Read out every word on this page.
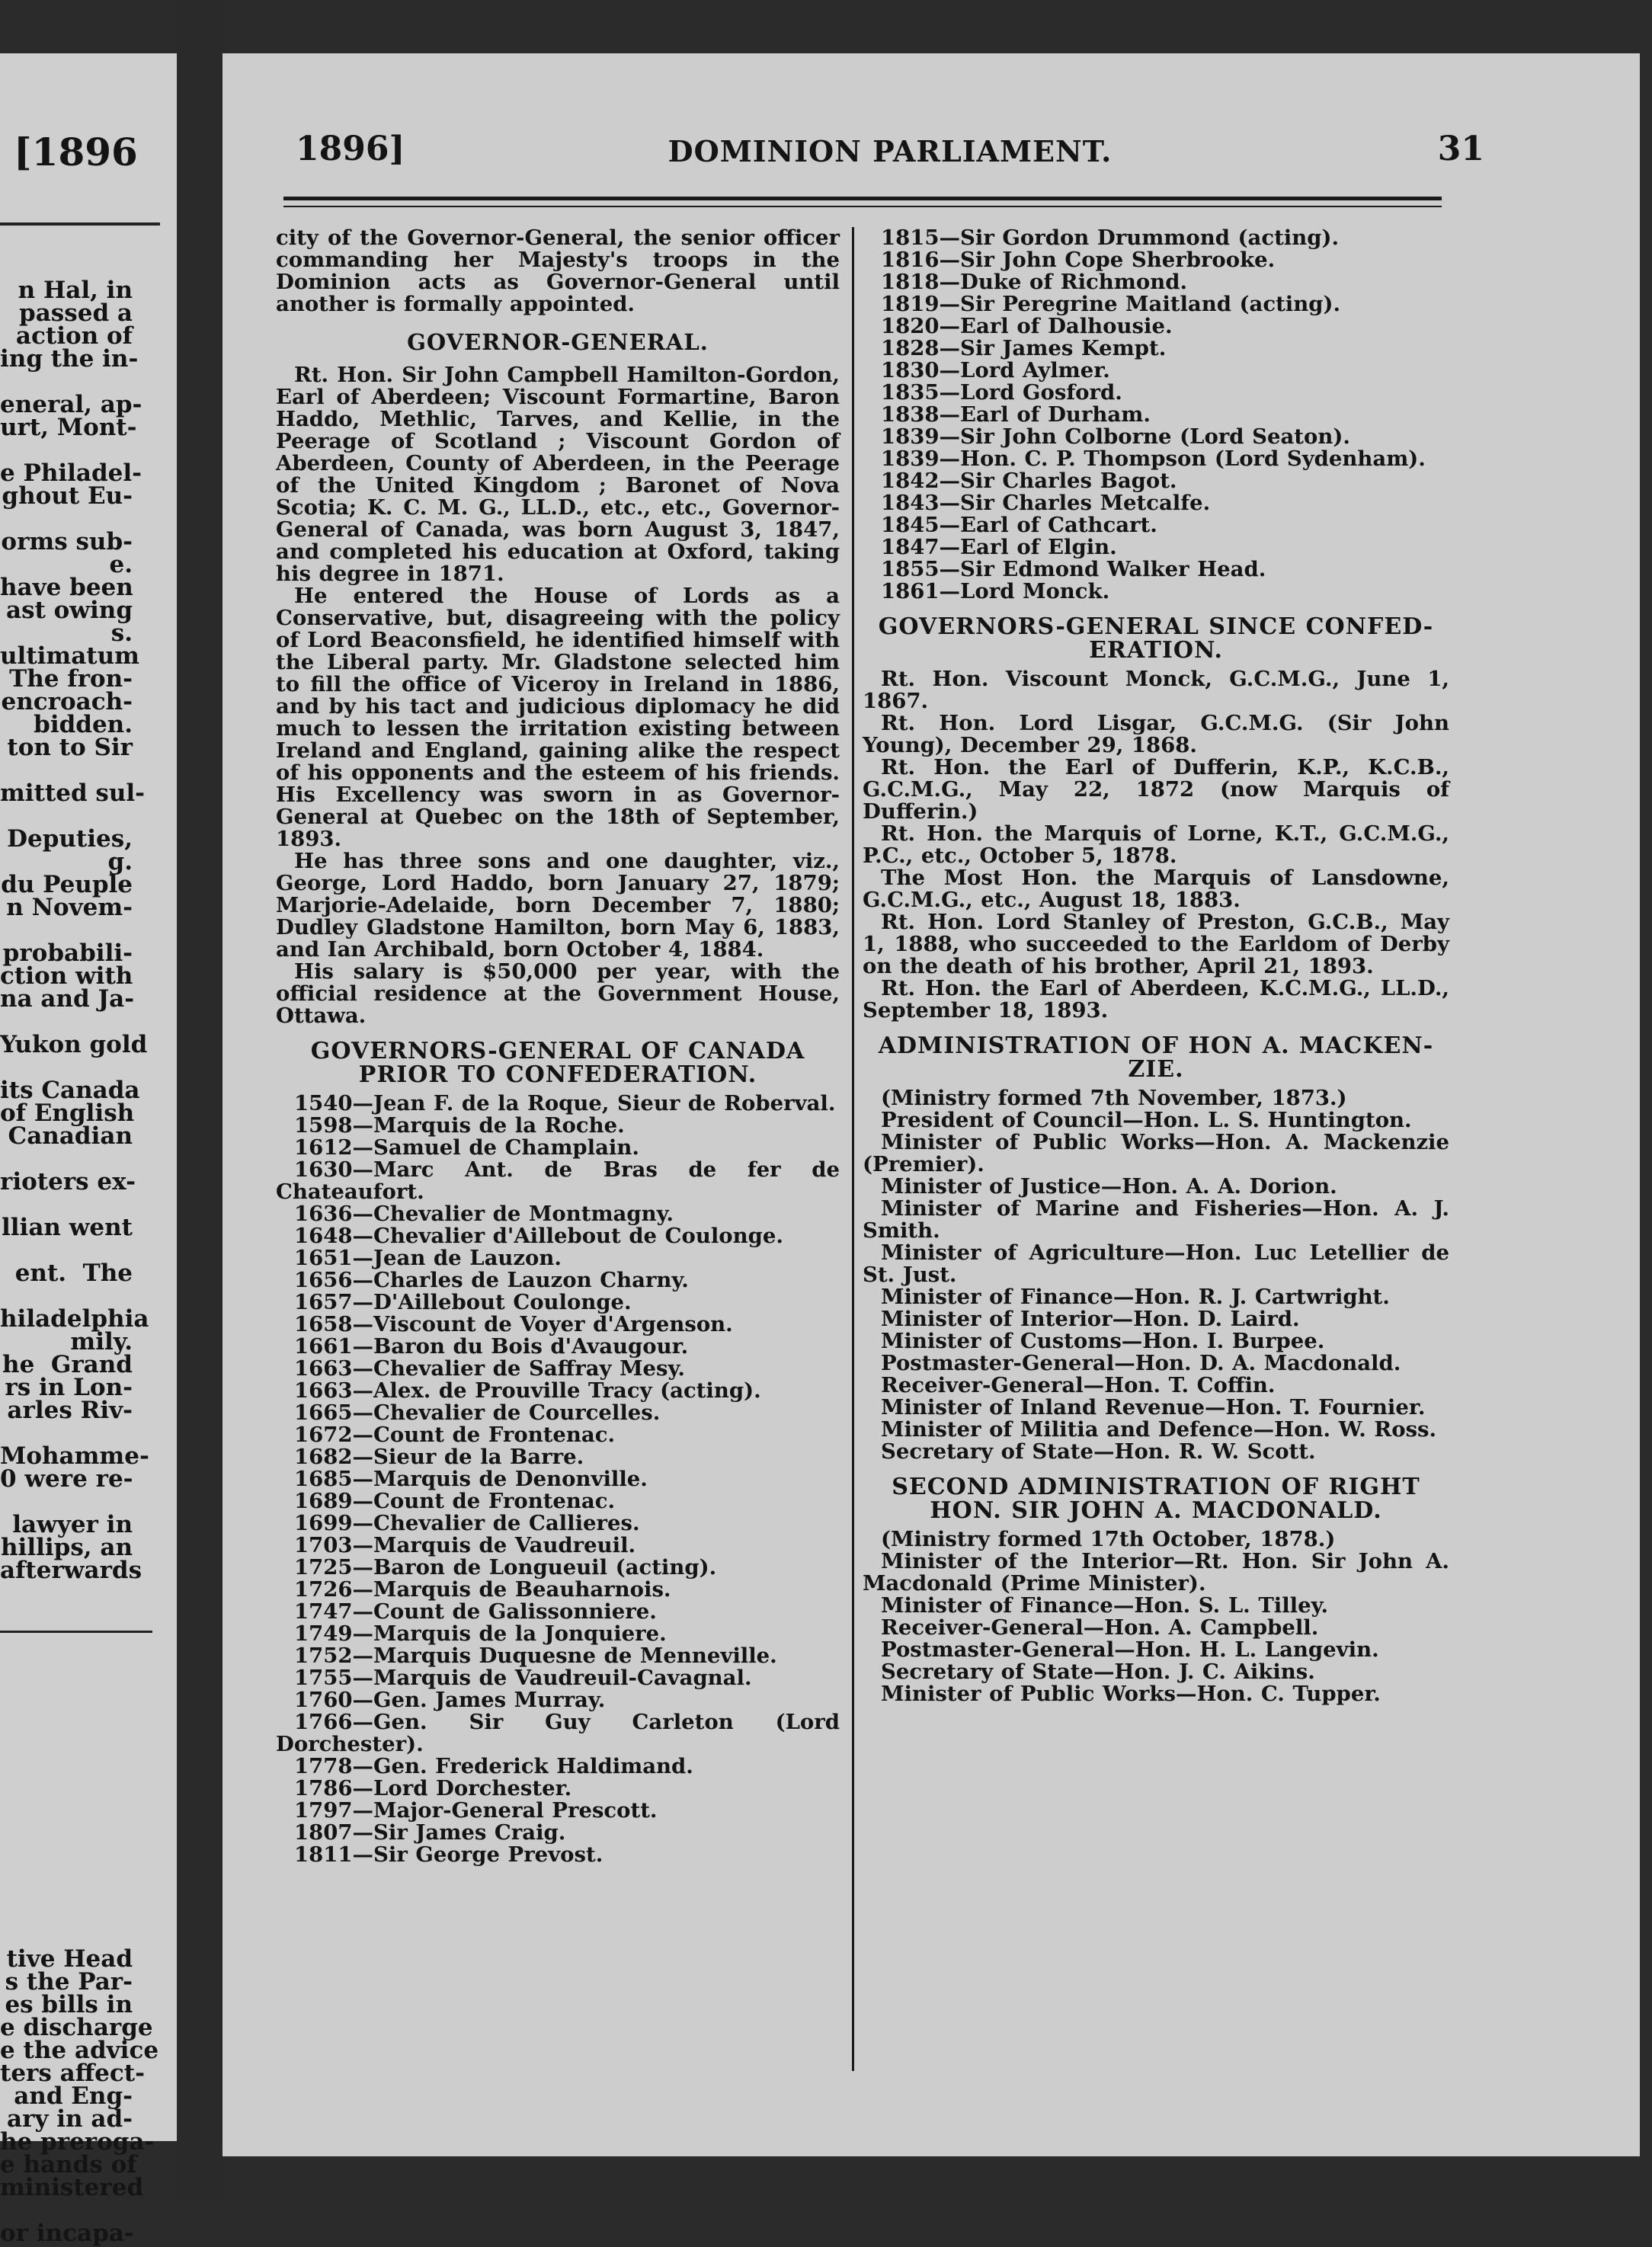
[1896
n Hal, in
passed a
action of
ing the in-

eneral, ap-
urt, Mont-

e Philadel-
ghout Eu-

orms sub-
e.
have been
ast owing
s.
ultimatum
The fron-
encroach-
bidden.
ton to Sir

mitted sul-

Deputies,
g.
du Peuple
n Novem-

probabili-
ction with
na and Ja-

Yukon gold

its Canada
of English
Canadian

rioters ex-

llian went

ent.  The

hiladelphia
mily.
he  Grand
rs in Lon-
arles Riv-

Mohamme-
0 were re-

lawyer in
hillips, an
afterwards

tive Head
s the Par-
es bills in
e discharge
e the advice
ters affect-
and Eng-
ary in ad-
he preroga-
e hands of
ministered

or incapa-
1896]	DOMINION PARLIAMENT.	31

city of the Governor-General, the senior officer commanding her Majesty's troops in the Dominion acts as Governor-General until another is formally appointed.

GOVERNOR-GENERAL.

Rt. Hon. Sir John Campbell Hamilton-Gordon, Earl of Aberdeen; Viscount Formartine, Baron Haddo, Methlic, Tarves, and Kellie, in the Peerage of Scotland ; Viscount Gordon of Aberdeen, County of Aberdeen, in the Peerage of the United Kingdom ; Baronet of Nova Scotia; K. C. M. G., LL.D., etc., etc., Governor-General of Canada, was born August 3, 1847, and completed his education at Oxford, taking his degree in 1871.

He entered the House of Lords as a Conservative, but, disagreeing with the policy of Lord Beaconsfield, he identified himself with the Liberal party. Mr. Gladstone selected him to fill the office of Viceroy in Ireland in 1886, and by his tact and judicious diplomacy he did much to lessen the irritation existing between Ireland and England, gaining alike the respect of his opponents and the esteem of his friends. His Excellency was sworn in as Governor-General at Quebec on the 18th of September, 1893.

He has three sons and one daughter, viz., George, Lord Haddo, born January 27, 1879; Marjorie-Adelaide, born December 7, 1880; Dudley Gladstone Hamilton, born May 6, 1883, and Ian Archibald, born October 4, 1884.

His salary is $50,000 per year, with the official residence at the Government House, Ottawa.

GOVERNORS-GENERAL OF CANADA
PRIOR TO CONFEDERATION.
1540—Jean F. de la Roque, Sieur de Roberval.
1598—Marquis de la Roche.
1612—Samuel de Champlain.
1630—Marc Ant. de Bras de fer de Chateaufort.
1636—Chevalier de Montmagny.
1648—Chevalier d'Aillebout de Coulonge.
1651—Jean de Lauzon.
1656—Charles de Lauzon Charny.
1657—D'Aillebout Coulonge.
1658—Viscount de Voyer d'Argenson.
1661—Baron du Bois d'Avaugour.
1663—Chevalier de Saffray Mesy.
1663—Alex. de Prouville Tracy (acting).
1665—Chevalier de Courcelles.
1672—Count de Frontenac.
1682—Sieur de la Barre.
1685—Marquis de Denonville.
1689—Count de Frontenac.
1699—Chevalier de Callieres.
1703—Marquis de Vaudreuil.
1725—Baron de Longueuil (acting).
1726—Marquis de Beauharnois.
1747—Count de Galissonniere.
1749—Marquis de la Jonquiere.
1752—Marquis Duquesne de Menneville.
1755—Marquis de Vaudreuil-Cavagnal.
1760—Gen. James Murray.
1766—Gen. Sir Guy Carleton (Lord Dorchester).
1778—Gen. Frederick Haldimand.
1786—Lord Dorchester.
1797—Major-General Prescott.
1807—Sir James Craig.
1811—Sir George Prevost.
1815—Sir Gordon Drummond (acting).
1816—Sir John Cope Sherbrooke.
1818—Duke of Richmond.
1819—Sir Peregrine Maitland (acting).
1820—Earl of Dalhousie.
1828—Sir James Kempt.
1830—Lord Aylmer.
1835—Lord Gosford.
1838—Earl of Durham.
1839—Sir John Colborne (Lord Seaton).
1839—Hon. C. P. Thompson (Lord Sydenham).
1842—Sir Charles Bagot.
1843—Sir Charles Metcalfe.
1845—Earl of Cathcart.
1847—Earl of Elgin.
1855—Sir Edmond Walker Head.
1861—Lord Monck.
GOVERNORS-GENERAL SINCE CONFED-
ERATION.
Rt. Hon. Viscount Monck, G.C.M.G., June 1, 1867.
Rt. Hon. Lord Lisgar, G.C.M.G. (Sir John Young), December 29, 1868.
Rt. Hon. the Earl of Dufferin, K.P., K.C.B., G.C.M.G., May 22, 1872 (now Marquis of Dufferin.)
Rt. Hon. the Marquis of Lorne, K.T., G.C.M.G., P.C., etc., October 5, 1878.
The Most Hon. the Marquis of Lansdowne, G.C.M.G., etc., August 18, 1883.
Rt. Hon. Lord Stanley of Preston, G.C.B., May 1, 1888, who succeeded to the Earldom of Derby on the death of his brother, April 21, 1893.
Rt. Hon. the Earl of Aberdeen, K.C.M.G., LL.D., September 18, 1893.
ADMINISTRATION OF HON A. MACKEN-
ZIE.

(Ministry formed 7th November, 1873.)

President of Council—Hon. L. S. Huntington.
Minister of Public Works—Hon. A. Mackenzie (Premier).
Minister of Justice—Hon. A. A. Dorion.
Minister of Marine and Fisheries—Hon. A. J. Smith.
Minister of Agriculture—Hon. Luc Letellier de St. Just.
Minister of Finance—Hon. R. J. Cartwright.
Minister of Interior—Hon. D. Laird.
Minister of Customs—Hon. I. Burpee.
Postmaster-General—Hon. D. A. Macdonald.
Receiver-General—Hon. T. Coffin.
Minister of Inland Revenue—Hon. T. Fournier.
Minister of Militia and Defence—Hon. W. Ross.
Secretary of State—Hon. R. W. Scott.
SECOND ADMINISTRATION OF RIGHT
HON. SIR JOHN A. MACDONALD.

(Ministry formed 17th October, 1878.)

Minister of the Interior—Rt. Hon. Sir John A. Macdonald (Prime Minister).
Minister of Finance—Hon. S. L. Tilley.
Receiver-General—Hon. A. Campbell.
Postmaster-General—Hon. H. L. Langevin.
Secretary of State—Hon. J. C. Aikins.
Minister of Public Works—Hon. C. Tupper.
